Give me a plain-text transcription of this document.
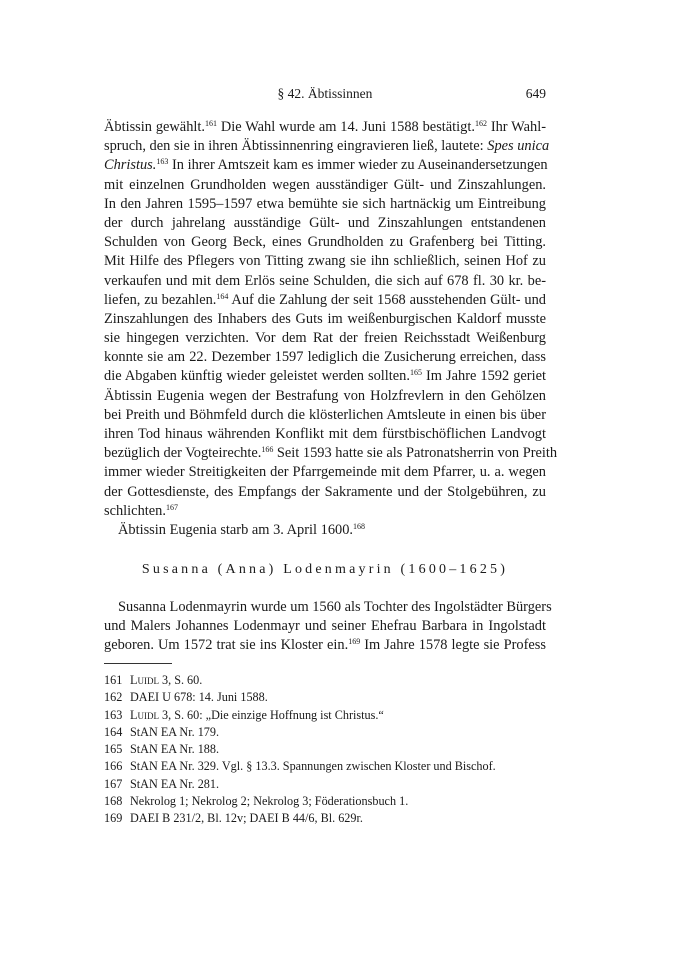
§ 42. Äbtissinnen	649
Äbtissin gewählt.$^{161}$ Die Wahl wurde am 14. Juni 1588 bestätigt.$^{162}$ Ihr Wahl-
spruch, den sie in ihren Äbtissinnenring eingravieren ließ, lautete: Spes unica
Christus.$^{163}$ In ihrer Amtszeit kam es immer wieder zu Auseinandersetzungen
mit einzelnen Grundholden wegen ausständiger Gült- und Zinszahlungen.
In den Jahren 1595–1597 etwa bemühte sie sich hartnäckig um Eintreibung
der durch jahrelang ausständige Gült- und Zinszahlungen entstandenen
Schulden von Georg Beck, eines Grundholden zu Grafenberg bei Titting.
Mit Hilfe des Pflegers von Titting zwang sie ihn schließlich, seinen Hof zu
verkaufen und mit dem Erlös seine Schulden, die sich auf 678 fl. 30 kr. be-
liefen, zu bezahlen.$^{164}$ Auf die Zahlung der seit 1568 ausstehenden Gült- und
Zinszahlungen des Inhabers des Guts im weißenburgischen Kaldorf musste
sie hingegen verzichten. Vor dem Rat der freien Reichsstadt Weißenburg
konnte sie am 22. Dezember 1597 lediglich die Zusicherung erreichen, dass
die Abgaben künftig wieder geleistet werden sollten.$^{165}$ Im Jahre 1592 geriet
Äbtissin Eugenia wegen der Bestrafung von Holzfrevlern in den Gehölzen
bei Preith und Böhmfeld durch die klösterlichen Amtsleute in einen bis über
ihren Tod hinaus währenden Konflikt mit dem fürstbischöflichen Landvogt
bezüglich der Vogteirechte.$^{166}$ Seit 1593 hatte sie als Patronatsherrin von Preith
immer wieder Streitigkeiten der Pfarrgemeinde mit dem Pfarrer, u. a. wegen
der Gottesdienste, des Empfangs der Sakramente und der Stolgebühren, zu
schlichten.$^{167}$
Äbtissin Eugenia starb am 3. April 1600.$^{168}$
Susanna (Anna) Lodenmayrin (1600–1625)
Susanna Lodenmayrin wurde um 1560 als Tochter des Ingolstädter Bürgers
und Malers Johannes Lodenmayr und seiner Ehefrau Barbara in Ingolstadt
geboren. Um 1572 trat sie ins Kloster ein.$^{169}$ Im Jahre 1578 legte sie Profess
161 Luidl 3, S. 60.
162 DAEI U 678: 14. Juni 1588.
163 Luidl 3, S. 60: „Die einzige Hoffnung ist Christus.“
164 StAN EA Nr. 179.
165 StAN EA Nr. 188.
166 StAN EA Nr. 329. Vgl. § 13.3. Spannungen zwischen Kloster und Bischof.
167 StAN EA Nr. 281.
168 Nekrolog 1; Nekrolog 2; Nekrolog 3; Föderationsbuch 1.
169 DAEI B 231/2, Bl. 12v; DAEI B 44/6, Bl. 629r.
